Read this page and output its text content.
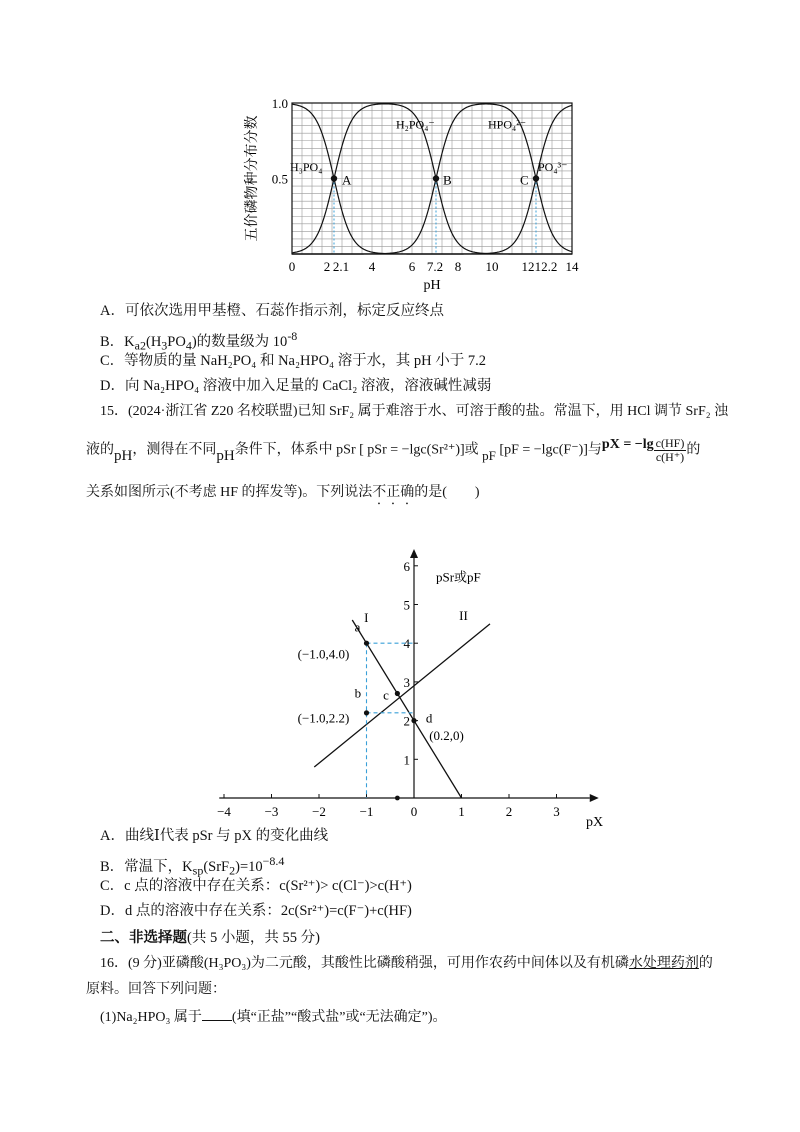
五价磷物种分布分数
1.0
0.5
0 2	4	6	8 10 12 14
2.1	7.2	12.2
pH
H₃PO₄
H₂PO₄⁻	HPO₄²⁻
PO₄³⁻
A	B	C
A．可依次选用甲基橙、石蕊作指示剂，标定反应终点
B．$K_{a2}(H_3PO_4)$的数量级为 $10^{-8}$
C．等物质的量 NaH₂PO₄ 和 Na₂HPO₄ 溶于水，其 pH 小于 7.2
D．向 Na₂HPO₄ 溶液中加入足量的 CaCl₂ 溶液，溶液碱性减弱
15．(2024·浙江省 Z20 名校联盟)已知 SrF₂ 属于难溶于水、可溶于酸的盐。常温下，用 HCl 调节 SrF₂ 浊
液的pH，测得在不同pH条件下，体系中 pSr [ pSr = −lgc(Sr²⁺)]或 pF [pF = −lgc(F⁻)]与pX = $-\lg \frac{c(HF)}{c(H^+)}$ 的
关系如图所示(不考虑 HF 的挥发等)。下列说法不正确的是(　　)
−4	−3	−2	−1	0	1	2	3
1
2
3
4
5
6
pX
pSr或pF
I	II
a
(−1.0,4.0)
b
(−1.0,2.2)
c
d
(0.2,0)
A．曲线Ⅰ代表 pSr 与 pX 的变化曲线
B．常温下，$K_{sp}(SrF_2)=10^{-8.4}$
C．c 点的溶液中存在关系：c(Sr²⁺)> c(Cl⁻)>c(H⁺)
D．d 点的溶液中存在关系：2c(Sr²⁺)=c(F⁻)+c(HF)
二、非选择题(共 5 小题，共 55 分)
16．(9 分)亚磷酸(H₃PO₃)为二元酸，其酸性比磷酸稍强，可用作农药中间体以及有机磷水处理药剂的
原料。回答下列问题：
(1)Na₂HPO₃ 属于 (填“正盐”“酸式盐”或“无法确定”)。
